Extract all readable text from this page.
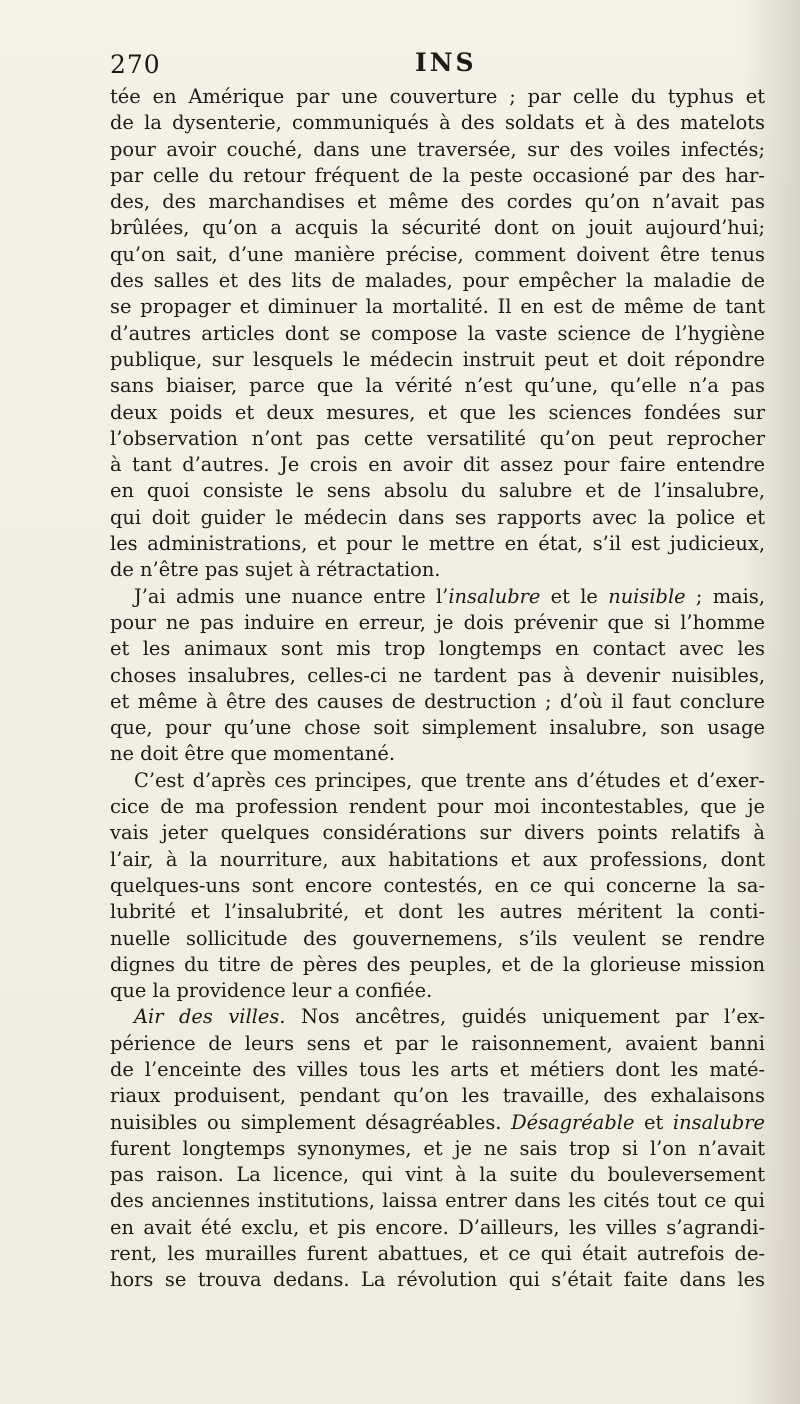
270	INS
tée en Amérique par une couverture ; par celle du typhus et
de la dysenterie, communiqués à des soldats et à des matelots
pour avoir couché, dans une traversée, sur des voiles infectés;
par celle du retour fréquent de la peste occasioné par des har-
des, des marchandises et même des cordes qu’on n’avait pas
brûlées, qu’on a acquis la sécurité dont on jouit aujourd’hui;
qu’on sait, d’une manière précise, comment doivent être tenus
des salles et des lits de malades, pour empêcher la maladie de
se propager et diminuer la mortalité. Il en est de même de tant
d’autres articles dont se compose la vaste science de l’hygiène
publique, sur lesquels le médecin instruit peut et doit répondre
sans biaiser, parce que la vérité n’est qu’une, qu’elle n’a pas
deux poids et deux mesures, et que les sciences fondées sur
l’observation n’ont pas cette versatilité qu’on peut reprocher
à tant d’autres. Je crois en avoir dit assez pour faire entendre
en quoi consiste le sens absolu du salubre et de l’insalubre,
qui doit guider le médecin dans ses rapports avec la police et
les administrations, et pour le mettre en état, s’il est judicieux,
de n’être pas sujet à rétractation.
J’ai admis une nuance entre l’insalubre et le nuisible ; mais,
pour ne pas induire en erreur, je dois prévenir que si l’homme
et les animaux sont mis trop longtemps en contact avec les
choses insalubres, celles-ci ne tardent pas à devenir nuisibles,
et même à être des causes de destruction ; d’où il faut conclure
que, pour qu’une chose soit simplement insalubre, son usage
ne doit être que momentané.
C’est d’après ces principes, que trente ans d’études et d’exer-
cice de ma profession rendent pour moi incontestables, que je
vais jeter quelques considérations sur divers points relatifs à
l’air, à la nourriture, aux habitations et aux professions, dont
quelques-uns sont encore contestés, en ce qui concerne la sa-
lubrité et l’insalubrité, et dont les autres méritent la conti-
nuelle sollicitude des gouvernemens, s’ils veulent se rendre
dignes du titre de pères des peuples, et de la glorieuse mission
que la providence leur a confiée.
Air des villes. Nos ancêtres, guidés uniquement par l’ex-
périence de leurs sens et par le raisonnement, avaient banni
de l’enceinte des villes tous les arts et métiers dont les maté-
riaux produisent, pendant qu’on les travaille, des exhalaisons
nuisibles ou simplement désagréables. Désagréable et insalubre
furent longtemps synonymes, et je ne sais trop si l’on n’avait
pas raison. La licence, qui vint à la suite du bouleversement
des anciennes institutions, laissa entrer dans les cités tout ce qui
en avait été exclu, et pis encore. D’ailleurs, les villes s’agrandi-
rent, les murailles furent abattues, et ce qui était autrefois de-
hors se trouva dedans. La révolution qui s’était faite dans les
